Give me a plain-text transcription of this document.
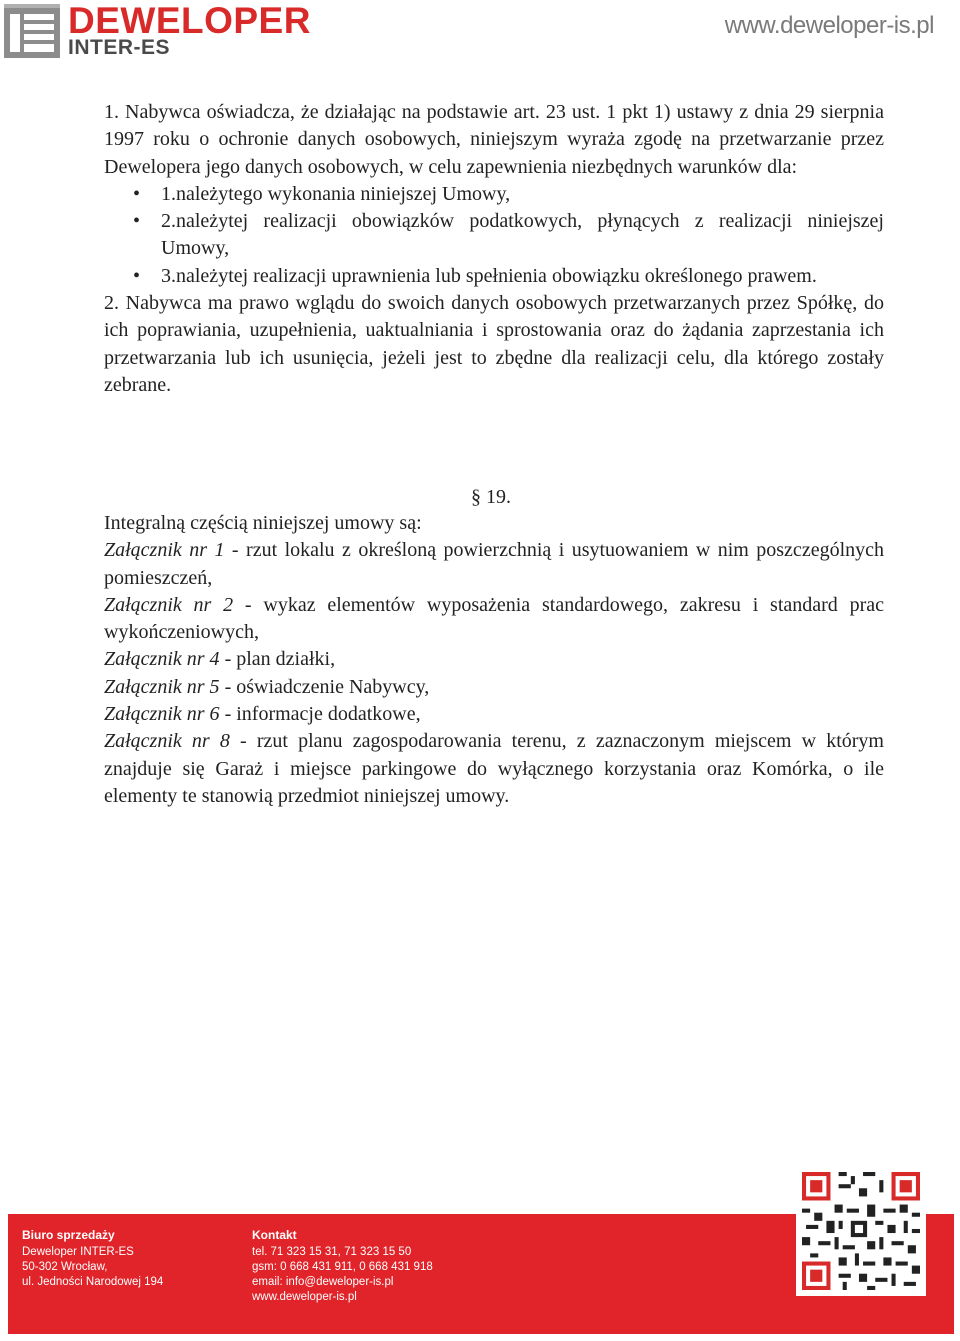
DEWELOPER
INTER-ES
www.deweloper-is.pl

1. Nabywca oświadcza, że działając na podstawie art. 23 ust. 1 pkt 1) ustawy z dnia 29 sierpnia 1997 roku o ochronie danych osobowych, niniejszym wyraża zgodę na przetwarzanie przez Dewelopera jego danych osobowych, w celu zapewnienia niezbędnych warunków dla:

• 1.należytego wykonania niniejszej Umowy,
• 2.należytej realizacji obowiązków podatkowych, płynących z realizacji niniejszej Umowy,
• 3.należytej realizacji uprawnienia lub spełnienia obowiązku określonego prawem.

2. Nabywca ma prawo wglądu do swoich danych osobowych przetwarzanych przez Spółkę, do ich poprawiania, uzupełnienia, uaktualniania i sprostowania oraz do żądania zaprzestania ich przetwarzania lub ich usunięcia, jeżeli jest to zbędne dla realizacji celu, dla którego zostały zebrane.

§ 19.

Integralną częścią niniejszej umowy są:

Załącznik nr 1 - rzut lokalu z określoną powierzchnią i usytuowaniem w nim poszczególnych pomieszczeń,

Załącznik nr 2 - wykaz elementów wyposażenia standardowego, zakresu i standard prac wykończeniowych,

Załącznik nr 4 - plan działki,

Załącznik nr 5 - oświadczenie Nabywcy,

Załącznik nr 6 - informacje dodatkowe,

Załącznik nr 8 - rzut planu zagospodarowania terenu, z zaznaczonym miejscem w którym znajduje się Garaż i miejsce parkingowe do wyłącznego korzystania oraz Komórka, o ile elementy te stanowią przedmiot niniejszej umowy.

Biuro sprzedaży
Deweloper INTER-ES
50-302 Wrocław,
ul. Jedności Narodowej 194
Kontakt
tel. 71 323 15 31, 71 323 15 50
gsm: 0 668 431 911, 0 668 431 918
email: info@deweloper-is.pl
www.deweloper-is.pl
